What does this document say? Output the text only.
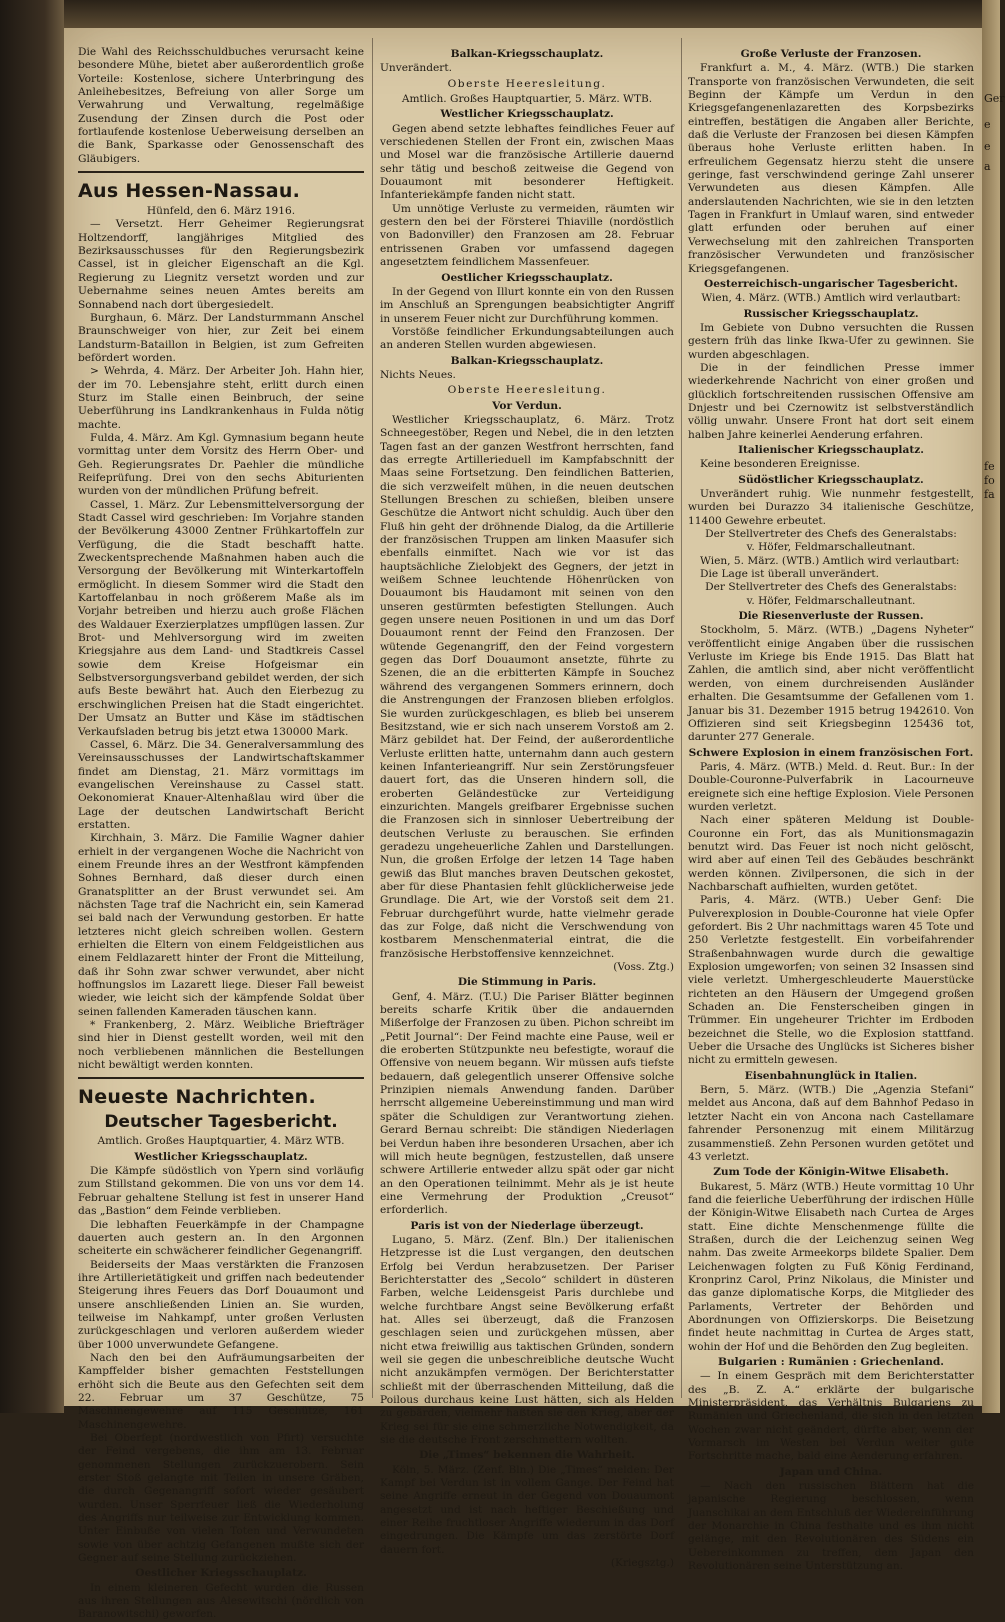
Ger
e
e
a
fe
fo
fa

Die Wahl des Reichsschuldbuches verursacht keine besondere Mühe, bietet aber außerordentlich große Vorteile: Kostenlose, sichere Unterbringung des Anleihebesitzes, Befreiung von aller Sorge um Verwahrung und Verwaltung, regelmäßige Zusendung der Zinsen durch die Post oder fortlaufende kostenlose Ueberweisung derselben an die Bank, Sparkasse oder Genossenschaft des Gläubigers.

Aus Hessen-Nassau.
Hünfeld, den 6. März 1916.

— Versetzt. Herr Geheimer Regierungsrat Holtzendorff, langjähriges Mitglied des Bezirksausschusses für den Regierungsbezirk Cassel, ist in gleicher Eigenschaft an die Kgl. Regierung zu Liegnitz versetzt worden und zur Uebernahme seines neuen Amtes bereits am Sonnabend nach dort übergesiedelt.

Burghaun, 6. März. Der Landsturmmann Anschel Braunschweiger von hier, zur Zeit bei einem Landsturm-Bataillon in Belgien, ist zum Gefreiten befördert worden.

> Wehrda, 4. März. Der Arbeiter Joh. Hahn hier, der im 70. Lebensjahre steht, erlitt durch einen Sturz im Stalle einen Beinbruch, der seine Ueberführung ins Landkrankenhaus in Fulda nötig machte.

Fulda, 4. März. Am Kgl. Gymnasium begann heute vormittag unter dem Vorsitz des Herrn Ober- und Geh. Regierungsrates Dr. Paehler die mündliche Reifeprüfung. Drei von den sechs Abiturienten wurden von der mündlichen Prüfung befreit.

Cassel, 1. März. Zur Lebensmittelversorgung der Stadt Cassel wird geschrieben: Im Vorjahre standen der Bevölkerung 43000 Zentner Frühkartoffeln zur Verfügung, die die Stadt beschafft hatte. Zweckentsprechende Maßnahmen haben auch die Versorgung der Bevölkerung mit Winterkartoffeln ermöglicht. In diesem Sommer wird die Stadt den Kartoffelanbau in noch größerem Maße als im Vorjahr betreiben und hierzu auch große Flächen des Waldauer Exerzierplatzes umpflügen lassen. Zur Brot- und Mehlversorgung wird im zweiten Kriegsjahre aus dem Land- und Stadtkreis Cassel sowie dem Kreise Hofgeismar ein Selbstversorgungsverband gebildet werden, der sich aufs Beste bewährt hat. Auch den Eierbezug zu erschwinglichen Preisen hat die Stadt eingerichtet. Der Umsatz an Butter und Käse im städtischen Verkaufsladen betrug bis jetzt etwa 130000 Mark.

Cassel, 6. März. Die 34. Generalversammlung des Vereinsausschusses der Landwirtschaftskammer findet am Dienstag, 21. März vormittags im evangelischen Vereinshause zu Cassel statt. Oekonomierat Knauer-Altenhaßlau wird über die Lage der deutschen Landwirtschaft Bericht erstatten.

Kirchhain, 3. März. Die Familie Wagner dahier erhielt in der vergangenen Woche die Nachricht von einem Freunde ihres an der Westfront kämpfenden Sohnes Bernhard, daß dieser durch einen Granatsplitter an der Brust verwundet sei. Am nächsten Tage traf die Nachricht ein, sein Kamerad sei bald nach der Verwundung gestorben. Er hatte letzteres nicht gleich schreiben wollen. Gestern erhielten die Eltern von einem Feldgeistlichen aus einem Feldlazarett hinter der Front die Mitteilung, daß ihr Sohn zwar schwer verwundet, aber nicht hoffnungslos im Lazarett liege. Dieser Fall beweist wieder, wie leicht sich der kämpfende Soldat über seinen fallenden Kameraden täuschen kann.

* Frankenberg, 2. März. Weibliche Briefträger sind hier in Dienst gestellt worden, weil mit den noch verbliebenen männlichen die Bestellungen nicht bewältigt werden konnten.

Neueste Nachrichten.
Deutscher Tagesbericht.
Amtlich. Großes Hauptquartier, 4. März WTB.
Westlicher Kriegsschauplatz.

Die Kämpfe südöstlich von Ypern sind vorläufig zum Stillstand gekommen. Die von uns vor dem 14. Februar gehaltene Stellung ist fest in unserer Hand das „Bastion“ dem Feinde verblieben.

Die lebhaften Feuerkämpfe in der Champagne dauerten auch gestern an. In den Argonnen scheiterte ein schwächerer feindlicher Gegenangriff.

Beiderseits der Maas verstärkten die Franzosen ihre Artillerietätigkeit und griffen nach bedeutender Steigerung ihres Feuers das Dorf Douaumont und unsere anschließenden Linien an. Sie wurden, teilweise im Nahkampf, unter großen Verlusten zurückgeschlagen und verloren außerdem wieder über 1000 unverwundete Gefangene.

Nach den bei den Aufräumungsarbeiten der Kampffelder bisher gemachten Feststellungen erhöht sich die Beute aus den Gefechten seit dem 22. Februar um 37 Geschütze, 75 Maschinengewehre auf 115 Geschütze, 161 Maschinengewehre.

Bei Oberfept (nordwestlich von Pfirt) versuchte der Feind vergebens, die ihm am 13. Februar genommenen Stellungen zurückzuerobern. Sein erster Stoß gelangte mit Teilen in unsere Gräben, die durch Gegenangriff sofort wieder gesäubert wurden. Unser Sperrfeuer ließ die Wiederholung des Angriffs nur teilweise zur Entwicklung kommen. Unter Einbuße von vielen Toten und Verwundeten sowie von über achtzig Gefangenen mußte sich der Gegner auf seine Stellung zurückziehen.

Oestlicher Kriegsschauplatz.

In einem kleineren Gefecht wurden die Russen aus ihren Stellungen aus Alesewitschi (nördlich von Baranowitschi) geworfen.

Balkan-Kriegsschauplatz.

Unverändert.

Oberste Heeresleitung.
Amtlich. Großes Hauptquartier, 5. März. WTB.
Westlicher Kriegsschauplatz.

Gegen abend setzte lebhaftes feindliches Feuer auf verschiedenen Stellen der Front ein, zwischen Maas und Mosel war die französische Artillerie dauernd sehr tätig und beschoß zeitweise die Gegend von Douaumont mit besonderer Heftigkeit. Infanteriekämpfe fanden nicht statt.

Um unnötige Verluste zu vermeiden, räumten wir gestern den bei der Försterei Thiaville (nordöstlich von Badonviller) den Franzosen am 28. Februar entrissenen Graben vor umfassend dagegen angesetztem feindlichem Massenfeuer.

Oestlicher Kriegsschauplatz.

In der Gegend von Illurt konnte ein von den Russen im Anschluß an Sprengungen beabsichtigter Angriff in unserem Feuer nicht zur Durchführung kommen.

Vorstöße feindlicher Erkundungsabteilungen auch an anderen Stellen wurden abgewiesen.

Balkan-Kriegsschauplatz.

Nichts Neues.

Oberste Heeresleitung.
Vor Verdun.

Westlicher Kriegsschauplatz, 6. März. Trotz Schneegestöber, Regen und Nebel, die in den letzten Tagen fast an der ganzen Westfront herrschten, fand das erregte Artillerieduell im Kampfabschnitt der Maas seine Fortsetzung. Den feindlichen Batterien, die sich verzweifelt mühen, in die neuen deutschen Stellungen Breschen zu schießen, bleiben unsere Geschütze die Antwort nicht schuldig. Auch über den Fluß hin geht der dröhnende Dialog, da die Artillerie der französischen Truppen am linken Maasufer sich ebenfalls einmiſtet. Nach wie vor ist das hauptsächliche Zielobjekt des Gegners, der jetzt in weißem Schnee leuchtende Höhenrücken von Douaumont bis Haudamont mit seinen von den unseren gestürmten befestigten Stellungen. Auch gegen unsere neuen Positionen in und um das Dorf Douaumont rennt der Feind den Franzosen. Der wütende Gegenangriff, den der Feind vorgestern gegen das Dorf Douaumont ansetzte, führte zu Szenen, die an die erbitterten Kämpfe in Souchez während des vergangenen Sommers erinnern, doch die Anstrengungen der Franzosen blieben erfolglos. Sie wurden zurückgeschlagen, es blieb bei unserem Besitzstand, wie er sich nach unserem Vorstoß am 2. März gebildet hat. Der Feind, der außerordentliche Verluste erlitten hatte, unternahm dann auch gestern keinen Infanterieangriff. Nur sein Zerstörungsfeuer dauert fort, das die Unseren hindern soll, die eroberten Geländestücke zur Verteidigung einzurichten. Mangels greifbarer Ergebnisse suchen die Franzosen sich in sinnloser Uebertreibung der deutschen Verluste zu berauschen. Sie erfinden geradezu ungeheuerliche Zahlen und Darstellungen. Nun, die großen Erfolge der letzen 14 Tage haben gewiß das Blut manches braven Deutschen gekostet, aber für diese Phantasien fehlt glücklicherweise jede Grundlage. Die Art, wie der Vorstoß seit dem 21. Februar durchgeführt wurde, hatte vielmehr gerade das zur Folge, daß nicht die Verschwendung von kostbarem Menschenmaterial eintrat, die die französische Herbstoffensive kennzeichnet.

(Voss. Ztg.)
Die Stimmung in Paris.

Genf, 4. März. (T.U.) Die Pariser Blätter beginnen bereits scharfe Kritik über die andauernden Mißerfolge der Franzosen zu üben. Pichon schreibt im „Petit Journal“: Der Feind machte eine Pause, weil er die eroberten Stützpunkte neu befestigte, worauf die Offensive von neuem begann. Wir müssen aufs tiefste bedauern, daß gelegentlich unserer Offensive solche Prinzipien niemals Anwendung fanden. Darüber herrscht allgemeine Uebereinstimmung und man wird später die Schuldigen zur Verantwortung ziehen. Gerard Bernau schreibt: Die ständigen Niederlagen bei Verdun haben ihre besonderen Ursachen, aber ich will mich heute begnügen, festzustellen, daß unsere schwere Artillerie entweder allzu spät oder gar nicht an den Operationen teilnimmt. Mehr als je ist heute eine Vermehrung der Produktion „Creusot“ erforderlich.

Paris ist von der Niederlage überzeugt.

Lugano, 5. März. (Zenf. Bln.) Der italienischen Hetzpresse ist die Lust vergangen, den deutschen Erfolg bei Verdun herabzusetzen. Der Pariser Berichterstatter des „Secolo“ schildert in düsteren Farben, welche Leidensgeist Paris durchlebe und welche furchtbare Angst seine Bevölkerung erfaßt hat. Alles sei überzeugt, daß die Franzosen geschlagen seien und zurückgehen müssen, aber nicht etwa freiwillig aus taktischen Gründen, sondern weil sie gegen die unbeschreibliche deutsche Wucht nicht anzukämpfen vermögen. Der Berichterstatter schließt mit der überraschenden Mitteilung, daß die Poilous durchaus keine Lust hätten, sich als Helden zu gebärden, vielmehr haßten sie den Krieg, aber der Krieg sei für sie eine schmerzliche Notwendigkeit, da sie die deutsche Front zerschmettern wollten.

Die „Times“ bekennen die Wahrheit.

Köln, 5. März. (Zenf. Bln.) Die „Times“ melden: Der Kampf bei Verdun ist in vollem Gange. Der Feind hat seine Angriffe erneut in der Gegend von Douaumont angesetzt und ist nach heftiger Beschießung und einer Reihe fruchtloser Angriffe wiederum in das Dorf eingedrungen. Die Kämpfe um das zerstörte Dorf dauern fort.

(Kriegsztg.)
Große Verluste der Franzosen.

Frankfurt a. M., 4. März. (WTB.) Die starken Transporte von französischen Verwundeten, die seit Beginn der Kämpfe um Verdun in den Kriegsgefangenenlazaretten des Korpsbezirks eintreffen, bestätigen die Angaben aller Berichte, daß die Verluste der Franzosen bei diesen Kämpfen überaus hohe Verluste erlitten haben. In erfreulichem Gegensatz hierzu steht die unsere geringe, fast verschwindend geringe Zahl unserer Verwundeten aus diesen Kämpfen. Alle anderslautenden Nachrichten, wie sie in den letzten Tagen in Frankfurt in Umlauf waren, sind entweder glatt erfunden oder beruhen auf einer Verwechselung mit den zahlreichen Transporten französischer Verwundeten und französischer Kriegsgefangenen.

Oesterreichisch-ungarischer Tagesbericht.
Wien, 4. März. (WTB.) Amtlich wird verlautbart:
Russischer Kriegsschauplatz.

Im Gebiete von Dubno versuchten die Russen gestern früh das linke Ikwa-Ufer zu gewinnen. Sie wurden abgeschlagen.

Die in der feindlichen Presse immer wiederkehrende Nachricht von einer großen und glücklich fortschreitenden russischen Offensive am Dnjestr und bei Czernowitz ist selbstverständlich völlig unwahr. Unsere Front hat dort seit einem halben Jahre keinerlei Aenderung erfahren.

Italienischer Kriegsschauplatz.

Keine besonderen Ereignisse.

Südöstlicher Kriegsschauplatz.

Unverändert ruhig. Wie nunmehr festgestellt, wurden bei Durazzo 34 italienische Geschütze, 11400 Gewehre erbeutet.

Der Stellvertreter des Chefs des Generalstabs:
v. Höfer, Feldmarschalleutnant.

Wien, 5. März. (WTB.) Amtlich wird verlautbart:

Die Lage ist überall unverändert.

Der Stellvertreter des Chefs des Generalstabs:
v. Höfer, Feldmarschalleutnant.
Die Riesenverluste der Russen.

Stockholm, 5. März. (WTB.) „Dagens Nyheter“ veröffentlicht einige Angaben über die russischen Verluste im Kriege bis Ende 1915. Das Blatt hat Zahlen, die amtlich sind, aber nicht veröffentlicht werden, von einem durchreisenden Ausländer erhalten. Die Gesamtsumme der Gefallenen vom 1. Januar bis 31. Dezember 1915 betrug 1942610. Von Offizieren sind seit Kriegsbeginn 125436 tot, darunter 277 Generale.

Schwere Explosion in einem französischen Fort.

Paris, 4. März. (WTB.) Meld. d. Reut. Bur.: In der Double-Couronne-Pulverfabrik in Lacourneuve ereignete sich eine heftige Explosion. Viele Personen wurden verletzt.

Nach einer späteren Meldung ist Double-Couronne ein Fort, das als Munitionsmagazin benutzt wird. Das Feuer ist noch nicht gelöscht, wird aber auf einen Teil des Gebäudes beschränkt werden können. Zivilpersonen, die sich in der Nachbarschaft aufhielten, wurden getötet.

Paris, 4. März. (WTB.) Ueber Genf: Die Pulverexplosion in Double-Couronne hat viele Opfer gefordert. Bis 2 Uhr nachmittags waren 45 Tote und 250 Verletzte festgestellt. Ein vorbeifahrender Straßenbahnwagen wurde durch die gewaltige Explosion umgeworfen; von seinen 32 Insassen sind viele verletzt. Umhergeschleuderte Mauerstücke richteten an den Häusern der Umgegend großen Schaden an. Die Fensterscheiben gingen in Trümmer. Ein ungeheurer Trichter im Erdboden bezeichnet die Stelle, wo die Explosion stattfand. Ueber die Ursache des Unglücks ist Sicheres bisher nicht zu ermitteln gewesen.

Eisenbahnunglück in Italien.

Bern, 5. März. (WTB.) Die „Agenzia Stefani“ meldet aus Ancona, daß auf dem Bahnhof Pedaso in letzter Nacht ein von Ancona nach Castellamare fahrender Personenzug mit einem Militärzug zusammenstieß. Zehn Personen wurden getötet und 43 verletzt.

Zum Tode der Königin-Witwe Elisabeth.

Bukarest, 5. März (WTB.) Heute vormittag 10 Uhr fand die feierliche Ueberführung der irdischen Hülle der Königin-Witwe Elisabeth nach Curtea de Arges statt. Eine dichte Menschenmenge füllte die Straßen, durch die der Leichenzug seinen Weg nahm. Das zweite Armeekorps bildete Spalier. Dem Leichenwagen folgten zu Fuß König Ferdinand, Kronprinz Carol, Prinz Nikolaus, die Minister und das ganze diplomatische Korps, die Mitglieder des Parlaments, Vertreter der Behörden und Abordnungen von Offizierskorps. Die Beisetzung findet heute nachmittag in Curtea de Arges statt, wohin der Hof und die Behörden den Zug begleiten.

Bulgarien : Rumänien : Griechenland.

— In einem Gespräch mit dem Berichterstatter des „B. Z. A.“ erklärte der bulgarische Ministerpräsident, das Verhältnis Bulgariens zu Rumänien und Griechenland, die sich in den letzten Wochen zwar nicht geändert, dürfte aber, wenn der Vormarsch im Westen bei Verdun weiter gute Fortschritte mache, bald eine Aenderung erfahren.

Japan und China.

— Nach den russischen Blättern hat die japanische Regierung beschlossen, wenn Juanschikai an dem Entschluß der Wiedereinführung der Monarchie in China festhalte und es ihm nicht gelänge, mit den Revolutionären des Südens ein Uebereinkommen zu treffen, dem Japan den Revolutionären seine Unterstützung an.
